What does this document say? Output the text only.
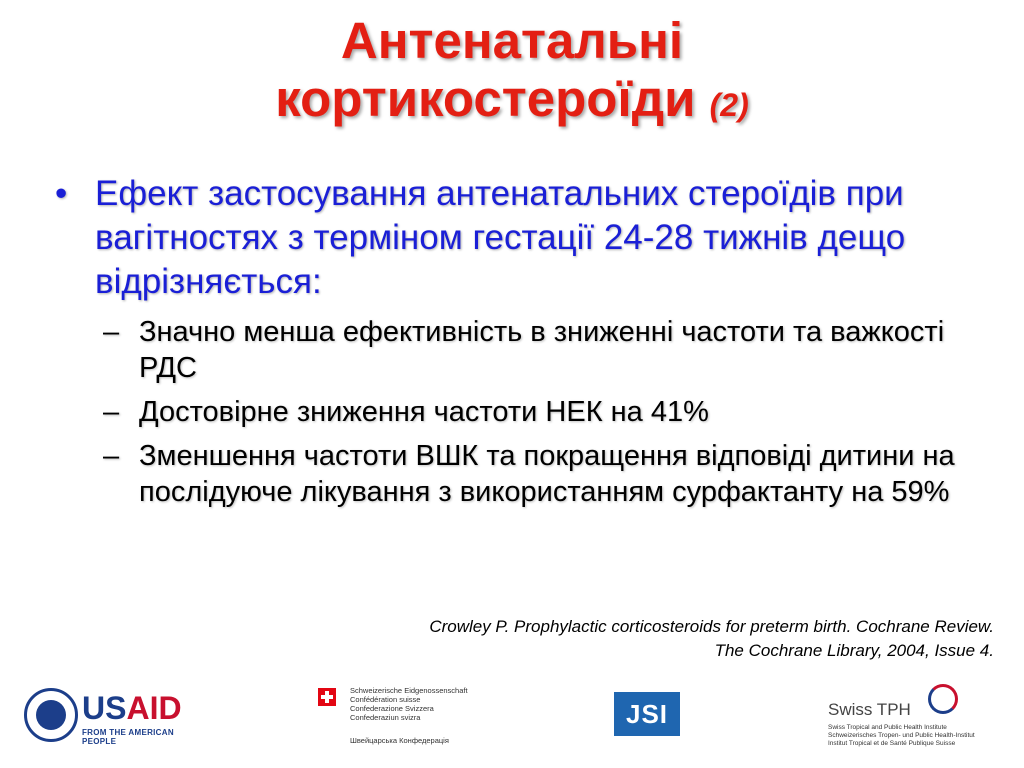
Антенатальні
кортикостероїди (2)
• Ефект застосування антенатальних стероїдів при вагітностях з терміном гестації 24-28 тижнів дещо відрізняється:
– Значно менша ефективність в зниженні частоти та важкості РДС
– Достовірне зниження частоти НЕК на 41%
– Зменшення частоти ВШК та покращення відповіді дитини на послідуюче лікування з використанням сурфактанту на 59%
Crowley P. Prophylactic corticosteroids for preterm birth. Cochrane Review.
The Cochrane Library, 2004, Issue 4.
USAID
FROM THE AMERICAN PEOPLE
Schweizerische Eidgenossenschaft
Confédération suisse
Confederazione Svizzera
Confederaziun svizra
Швейцарська Конфедерація
JSI	Swiss TPH
Swiss Tropical and Public Health Institute
Schweizerisches Tropen- und Public Health-Institut
Institut Tropical et de Santé Publique Suisse
